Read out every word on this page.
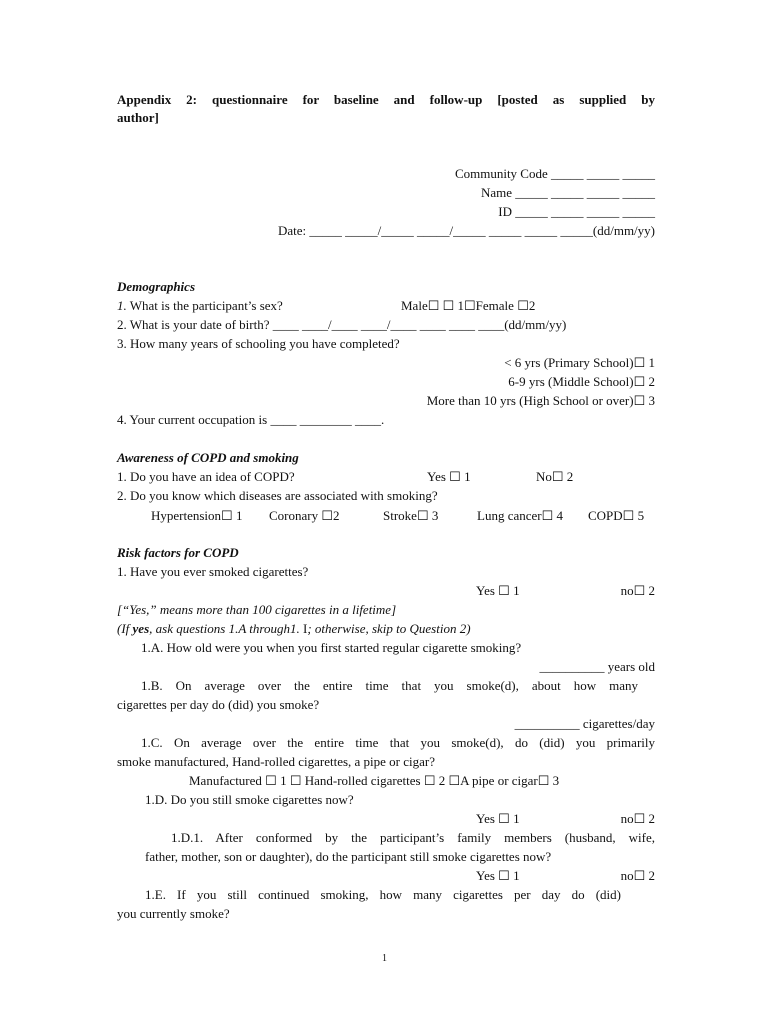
Appendix 2: questionnaire for baseline and follow-up [posted as supplied by
author]
Community Code _____ _____ _____
Name _____ _____ _____ _____
ID _____ _____ _____ _____
Date: _____ _____/_____ _____/_____ _____ _____ _____(dd/mm/yy)
Demographics
1. What is the participant’s sex?	Male☐ ☐ 1☐Female ☐2
2. What is your date of birth? ____ ____/____ ____/____ ____ ____ ____(dd/mm/yy)
3. How many years of schooling you have completed?
< 6 yrs (Primary School)☐ 1
6-9 yrs (Middle School)☐ 2
More than 10 yrs (High School or over)☐ 3
4. Your current occupation is ____ ________ ____.
Awareness of COPD and smoking
1. Do you have an idea of COPD?	Yes ☐ 1	No☐ 2
2. Do you know which diseases are associated with smoking?
Hypertension☐ 1 Coronary ☐2	Stroke☐ 3	Lung cancer☐ 4 COPD☐ 5
Risk factors for COPD
1. Have you ever smoked cigarettes?
Yes ☐ 1	no☐ 2
[“Yes,” means more than 100 cigarettes in a lifetime]
(If yes, ask questions 1.A through1. I; otherwise, skip to Question 2)
1.A. How old were you when you first started regular cigarette smoking?
__________ years old
1.B. On average over the entire time that you smoke(d), about how many
cigarettes per day do (did) you smoke?
__________ cigarettes/day
1.C. On average over the entire time that you smoke(d), do (did) you primarily
smoke manufactured, Hand-rolled cigarettes, a pipe or cigar?
Manufactured ☐ 1 ☐ Hand-rolled cigarettes ☐ 2 ☐A pipe or cigar☐ 3
1.D. Do you still smoke cigarettes now?
Yes ☐ 1	no☐ 2
1.D.1. After conformed by the participant’s family members (husband, wife,
father, mother, son or daughter), do the participant still smoke cigarettes now?
Yes ☐ 1	no☐ 2
1.E. If you still continued smoking, how many cigarettes per day do (did)
you currently smoke?
1
